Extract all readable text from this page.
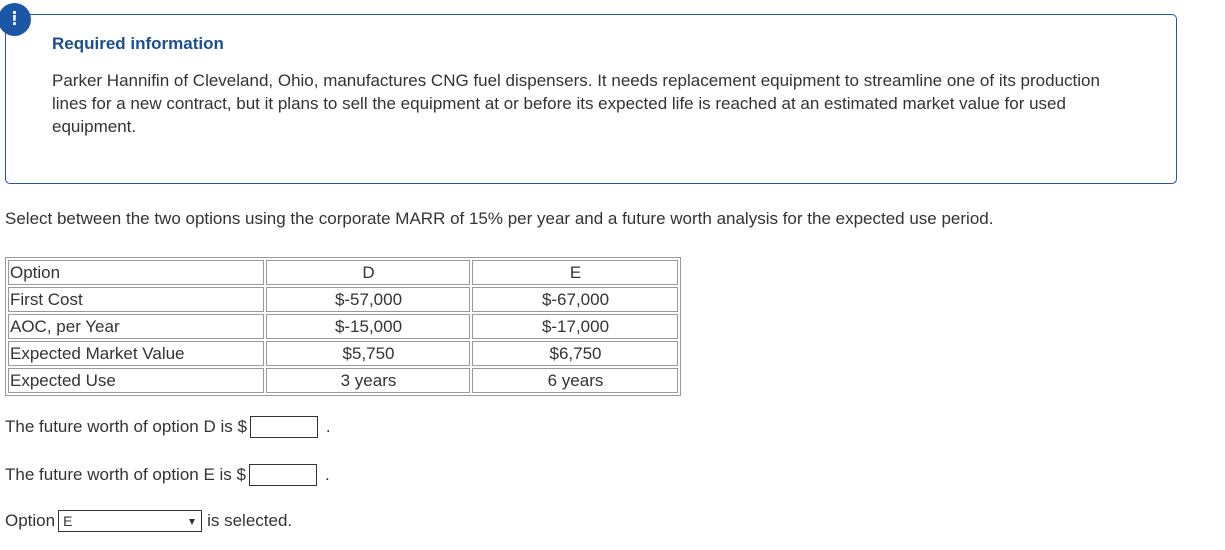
!
Required information
Parker Hannifin of Cleveland, Ohio, manufactures CNG fuel dispensers. It needs replacement equipment to streamline one of its production lines for a new contract, but it plans to sell the equipment at or before its expected life is reached at an estimated market value for used equipment.
Select between the two options using the corporate MARR of 15% per year and a future worth analysis for the expected use period.
Option	D	E
First Cost	$-57,000	$-67,000
AOC, per Year	$-15,000	$-17,000
Expected Market Value	$5,750	$6,750
Expected Use	3 years	6 years
The future worth of option D is $	.
The future worth of option E is $	.
Option E	is selected.
